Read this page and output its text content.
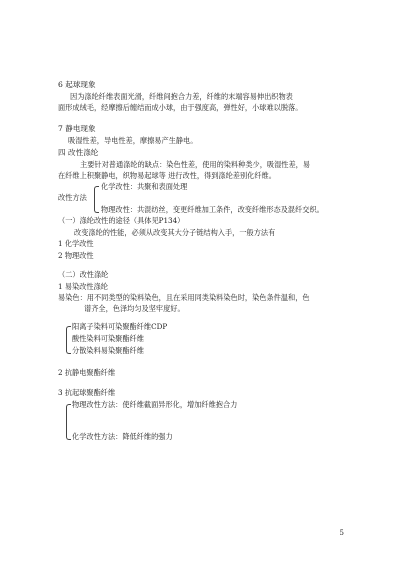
6 起球现象
因为涤纶纤维表面光滑，纤维间抱合力差，纤维的末端容易伸出织物表
面形成绒毛，经摩擦后缠结而成小球，由于强度高，弹性好，小球难以脱落。
7 静电现象
吸湿性差，导电性差，摩擦易产生静电。
四 改性涤纶
主要针对普通涤纶的缺点：染色性差，使用的染料种类少，吸湿性差，易
在纤维上积聚静电，织物易起球等 进行改性，得到涤纶差别化纤维。
改性方法
化学改性：共聚和表面处理
物理改性：共混纺丝，变更纤维加工条件，改变纤维形态及混纤交织。
（一）涤纶改性的途径（具体见P134）
改变涤纶的性能，必须从改变其大分子链结构入手，一般方法有
1 化学改性
2 物理改性
（二）改性涤纶
1 易染改性涤纶
易染色：用不同类型的染料染色，且在采用同类染料染色时，染色条件温和，色
谱齐全，色泽均匀及坚牢度好。
阳离子染料可染聚酯纤维CDP
酸性染料可染聚酯纤维
分散染料易染聚酯纤维
2 抗静电聚酯纤维
3 抗起球聚酯纤维
物理改性方法：使纤维截面异形化，增加纤维抱合力
化学改性方法：降低纤维的强力
5
